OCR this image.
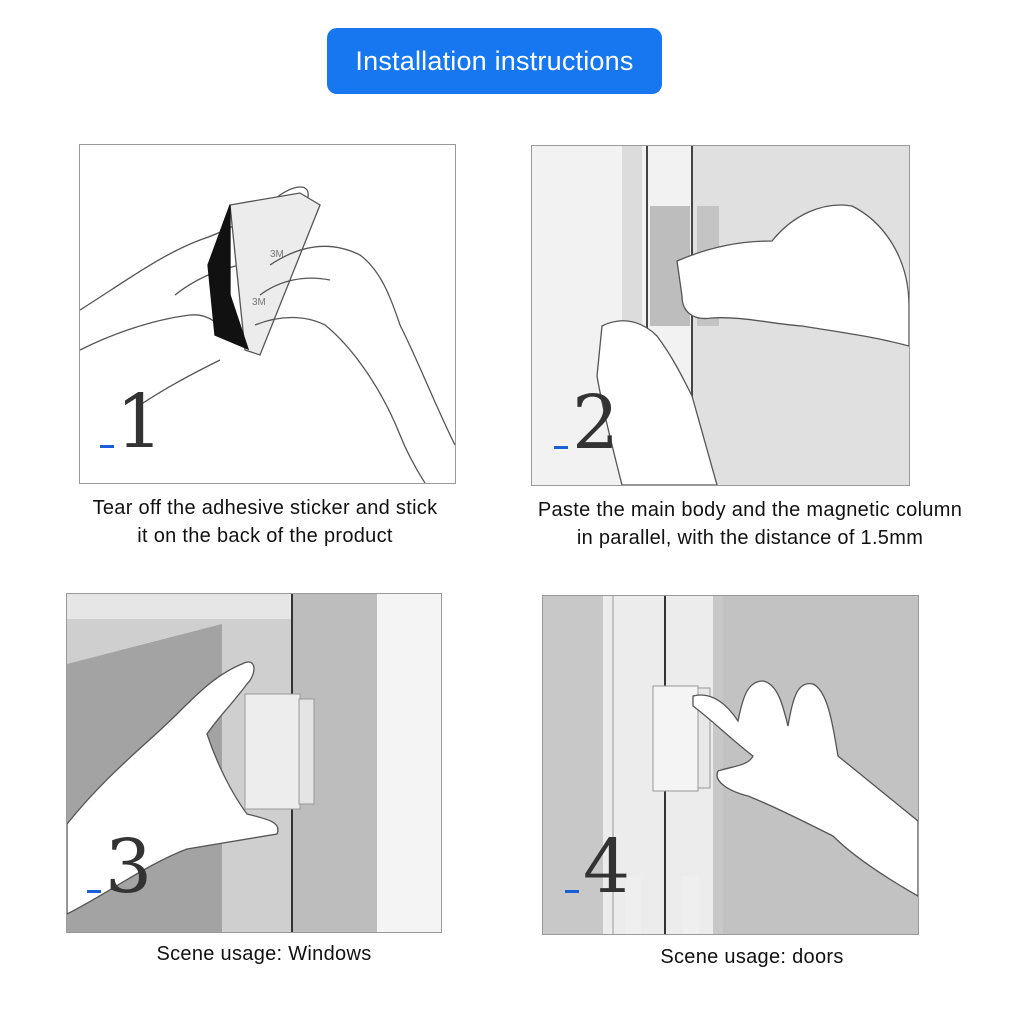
Installation instructions
3M
3M
1
Tear off the adhesive sticker and stick
it on the back of the product
2
Paste the main body and the magnetic column
in parallel, with the distance of 1.5mm
3
Scene usage: Windows
4
Scene usage: doors
